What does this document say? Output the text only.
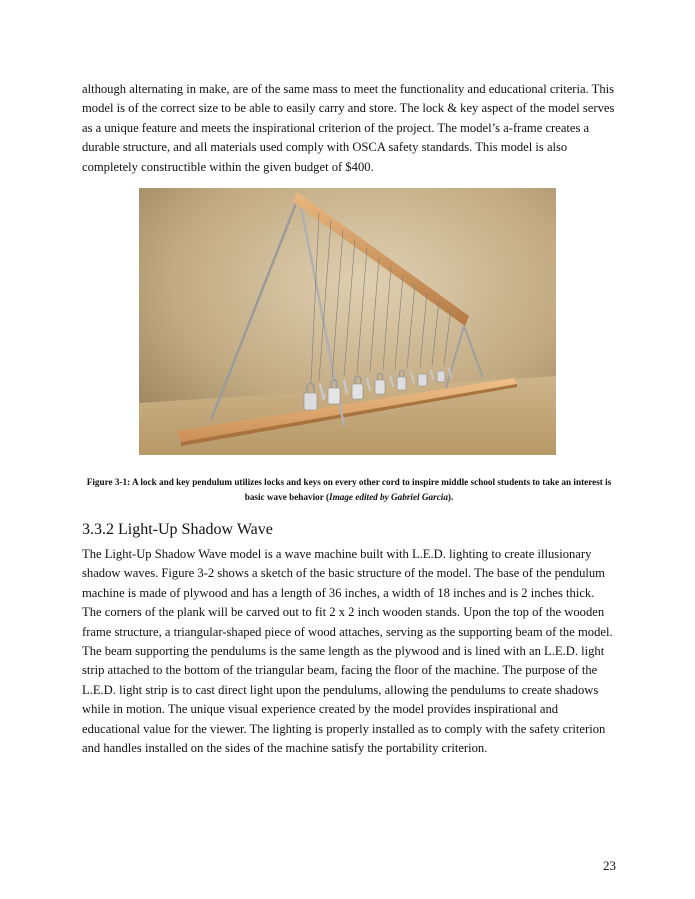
although alternating in make, are of the same mass to meet the functionality and educational criteria. This model is of the correct size to be able to easily carry and store. The lock & key aspect of the model serves as a unique feature and meets the inspirational criterion of the project. The model’s a-frame creates a durable structure, and all materials used comply with OSCA safety standards. This model is also completely constructible within the given budget of $400.

Figure 3-1: A lock and key pendulum utilizes locks and keys on every other cord to inspire middle school students to take an interest is basic wave behavior (Image edited by Gabriel Garcia).

3.3.2 Light-Up Shadow Wave

The Light-Up Shadow Wave model is a wave machine built with L.E.D. lighting to create illusionary shadow waves. Figure 3-2 shows a sketch of the basic structure of the model. The base of the pendulum machine is made of plywood and has a length of 36 inches, a width of 18 inches and is 2 inches thick. The corners of the plank will be carved out to fit 2 x 2 inch wooden stands. Upon the top of the wooden frame structure, a triangular-shaped piece of wood attaches, serving as the supporting beam of the model. The beam supporting the pendulums is the same length as the plywood and is lined with an L.E.D. light strip attached to the bottom of the triangular beam, facing the floor of the machine. The purpose of the L.E.D. light strip is to cast direct light upon the pendulums, allowing the pendulums to create shadows while in motion. The unique visual experience created by the model provides inspirational and educational value for the viewer. The lighting is properly installed as to comply with the safety criterion and handles installed on the sides of the machine satisfy the portability criterion.

23
